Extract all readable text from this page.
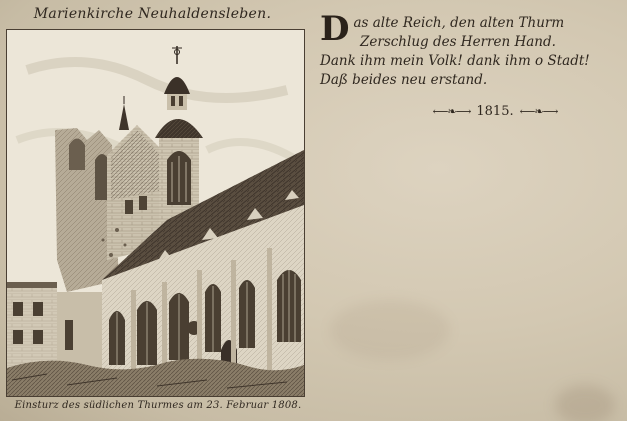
Marienkirche Neuhaldensleben.
Einsturz des südlichen Thurmes am 23. Februar 1808.
D as alte Reich, den alten Thurm
Zerschlug des Herren Hand.
Dank ihm mein Volk! dank ihm o Stadt!
Daß beides neu erstand.
⟵❧⟶ 1815. ⟵❧⟶
